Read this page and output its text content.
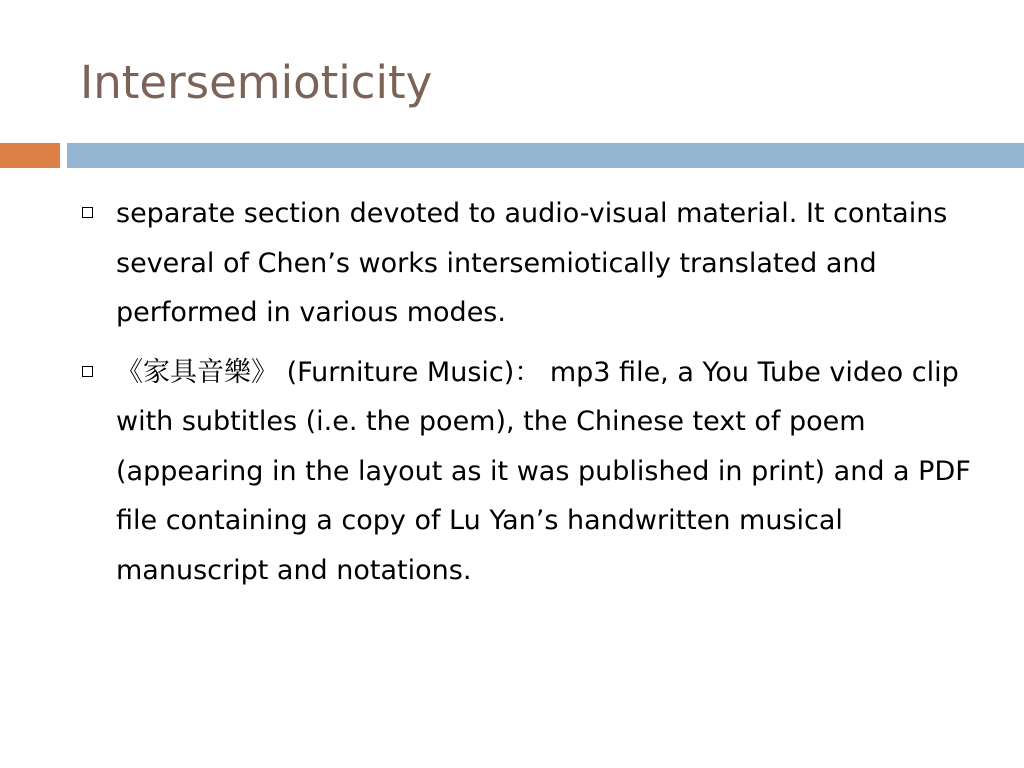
Intersemioticity
separate section devoted to audio-visual material. It contains several of Chen’s works intersemiotically translated and performed in various modes.
《家具音樂》 (Furniture Music)： mp3 file, a You Tube video clip with subtitles (i.e. the poem), the Chinese text of poem (appearing in the layout as it was published in print) and a PDF file containing a copy of Lu Yan’s handwritten musical manuscript and notations.
